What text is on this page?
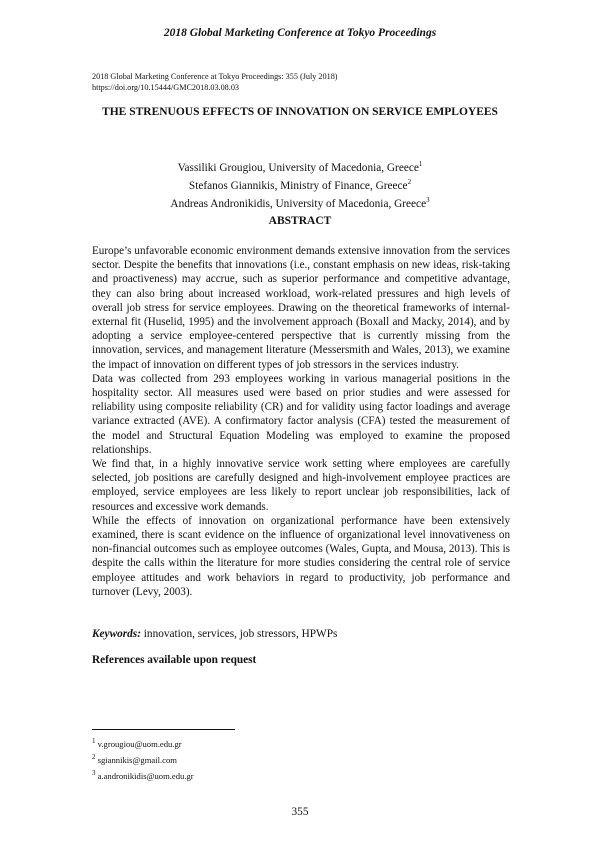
2018 Global Marketing Conference at Tokyo Proceedings
2018 Global Marketing Conference at Tokyo Proceedings: 355 (July 2018)
https://doi.org/10.15444/GMC2018.03.08.03
THE STRENUOUS EFFECTS OF INNOVATION ON SERVICE EMPLOYEES
Vassiliki Grougiou, University of Macedonia, Greece$^1$
Stefanos Giannikis, Ministry of Finance, Greece$^2$
Andreas Andronikidis, University of Macedonia, Greece$^3$
ABSTRACT

Europe’s unfavorable economic environment demands extensive innovation from the services sector. Despite the benefits that innovations (i.e., constant emphasis on new ideas, risk-taking and proactiveness) may accrue, such as superior performance and competitive advantage, they can also bring about increased workload, work-related pressures and high levels of overall job stress for service employees. Drawing on the theoretical frameworks of internal-external fit (Huselid, 1995) and the involvement approach (Boxall and Macky, 2014), and by adopting a service employee-centered perspective that is currently missing from the innovation, services, and management literature (Messersmith and Wales, 2013), we examine the impact of innovation on different types of job stressors in the services industry.

Data was collected from 293 employees working in various managerial positions in the hospitality sector. All measures used were based on prior studies and were assessed for reliability using composite reliability (CR) and for validity using factor loadings and average variance extracted (AVE). A confirmatory factor analysis (CFA) tested the measurement of the model and Structural Equation Modeling was employed to examine the proposed relationships.

We find that, in a highly innovative service work setting where employees are carefully selected, job positions are carefully designed and high-involvement employee practices are employed, service employees are less likely to report unclear job responsibilities, lack of resources and excessive work demands.

While the effects of innovation on organizational performance have been extensively examined, there is scant evidence on the influence of organizational level innovativeness on non-financial outcomes such as employee outcomes (Wales, Gupta, and Mousa, 2013). This is despite the calls within the literature for more studies considering the central role of service employee attitudes and work behaviors in regard to productivity, job performance and turnover (Levy, 2003).

Keywords: innovation, services, job stressors, HPWPs
References available upon request
$^1$ v.grougiou@uom.edu.gr
$^2$ sgiannikis@gmail.com
$^3$ a.andronikidis@uom.edu.gr
355
